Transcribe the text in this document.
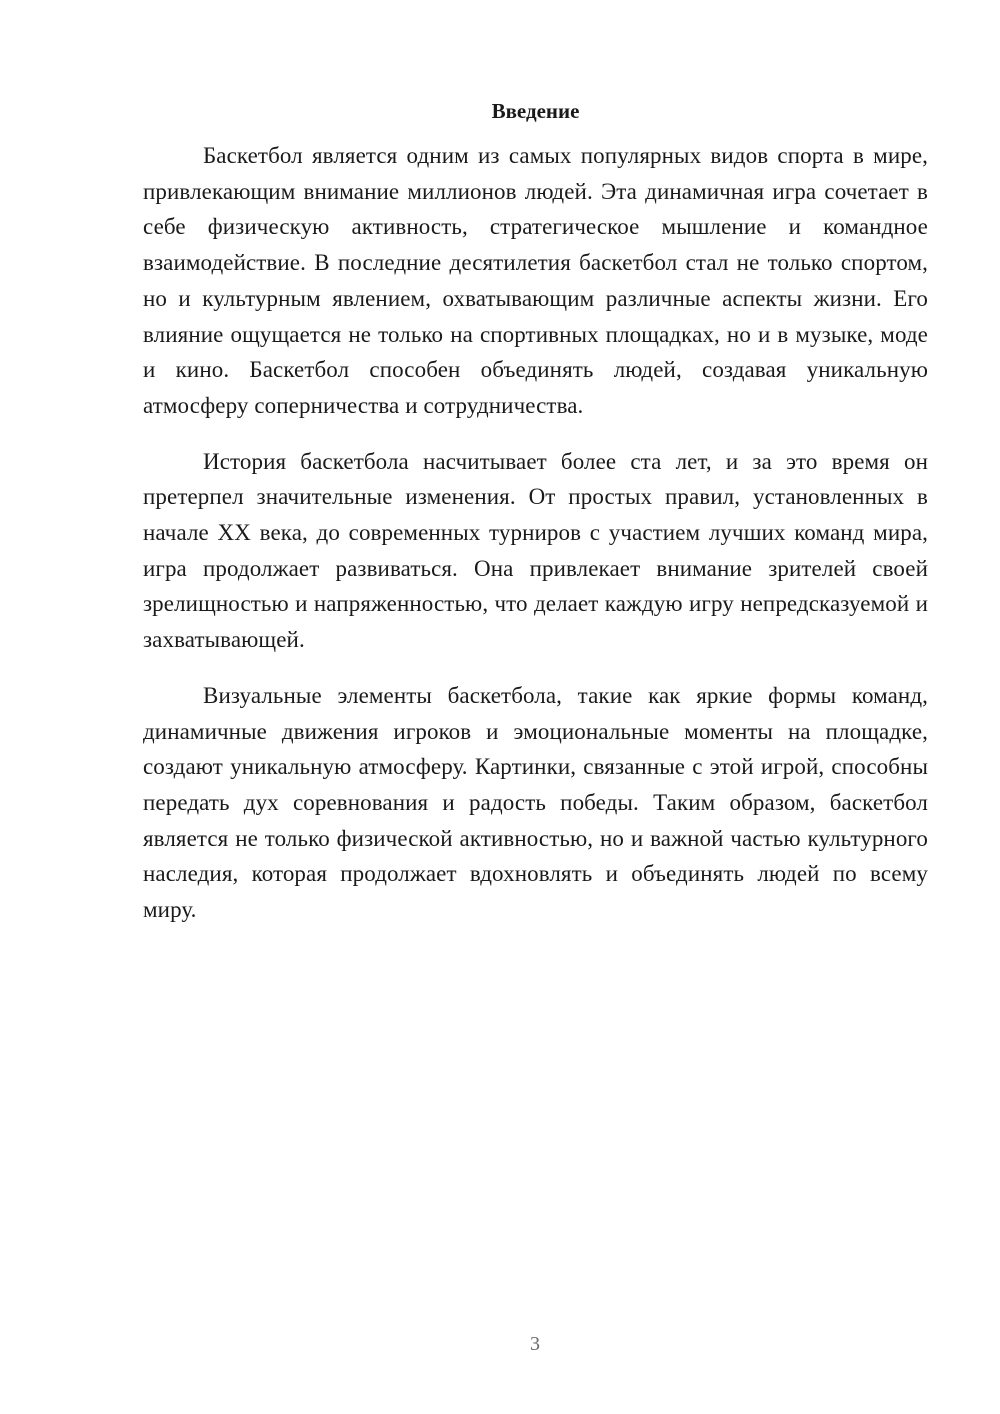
Введение

Баскетбол является одним из самых популярных видов спорта в мире, привлекающим внимание миллионов людей. Эта динамичная игра сочетает в себе физическую активность, стратегическое мышление и командное взаимодействие. В последние десятилетия баскетбол стал не только спортом, но и культурным явлением, охватывающим различные аспекты жизни. Его влияние ощущается не только на спортивных площадках, но и в музыке, моде и кино. Баскетбол способен объединять людей, создавая уникальную атмосферу соперничества и сотрудничества.

История баскетбола насчитывает более ста лет, и за это время он претерпел значительные изменения. От простых правил, установленных в начале XX века, до современных турниров с участием лучших команд мира, игра продолжает развиваться. Она привлекает внимание зрителей своей зрелищностью и напряженностью, что делает каждую игру непредсказуемой и захватывающей.

Визуальные элементы баскетбола, такие как яркие формы команд, динамичные движения игроков и эмоциональные моменты на площадке, создают уникальную атмосферу. Картинки, связанные с этой игрой, способны передать дух соревнования и радость победы. Таким образом, баскетбол является не только физической активностью, но и важной частью культурного наследия, которая продолжает вдохновлять и объединять людей по всему миру.

3
